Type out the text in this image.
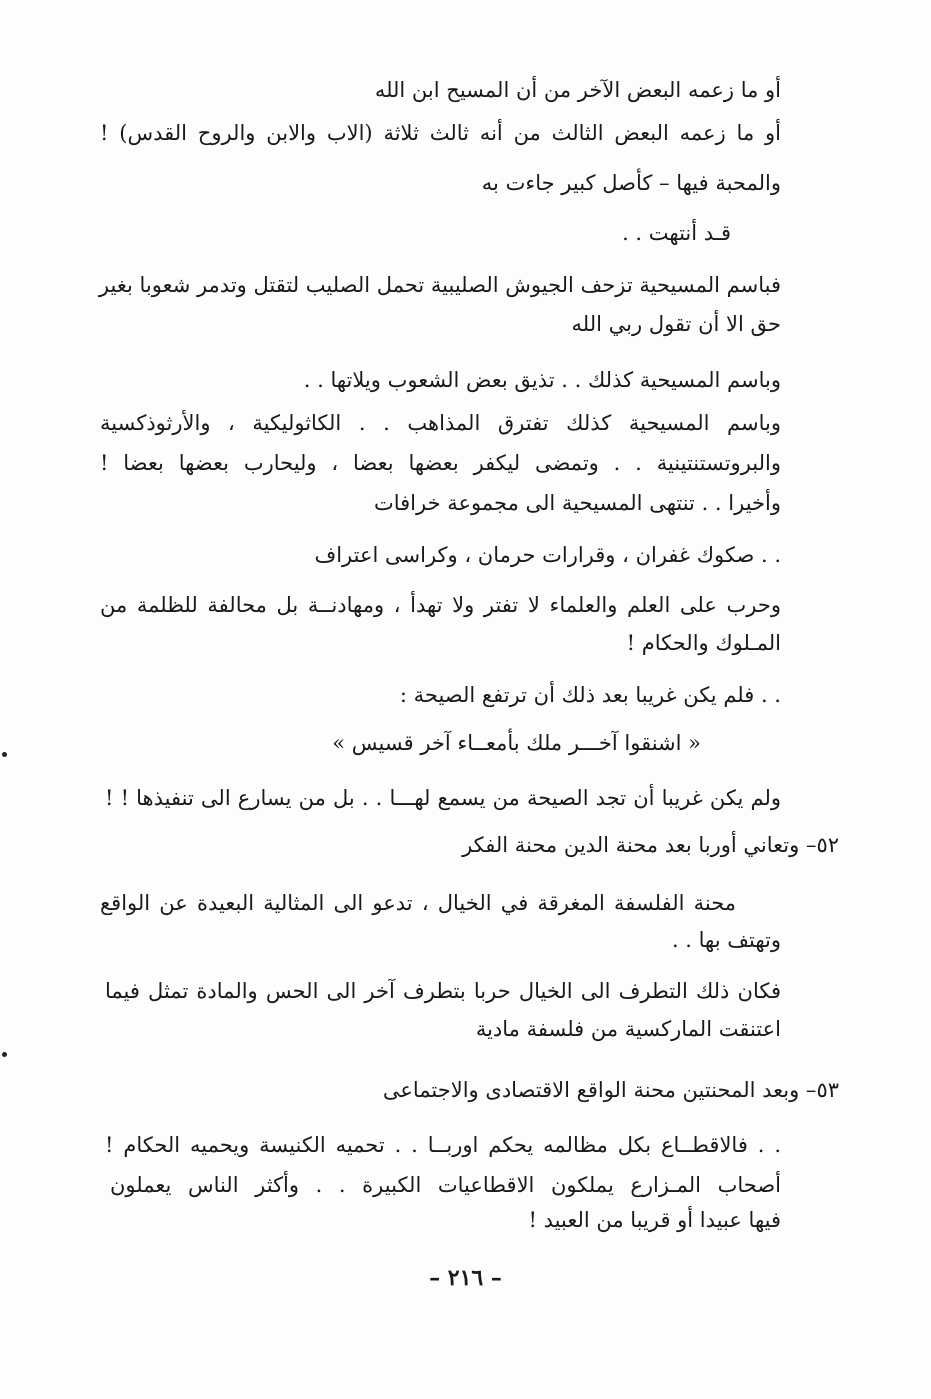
أو ما زعمه البعض الآخر من أن المسيح ابن الله
أو ما زعمه البعض الثالث من أنه ثالث ثلاثة (الاب والابن والروح القدس) !
والمحبة فيها – كأصل كبير جاءت به
قـد أنتهت . .
فباسم المسيحية تزحف الجيوش الصليبية تحمل الصليب لتقتل وتدمر شعوبا بغير
حق الا أن تقول ربي الله
وباسم المسيحية كذلك . . تذيق بعض الشعوب ويلاتها . .
وباسم المسيحية كذلك تفترق المذاهب . . الكاثوليكية ، والأرثوذكسية
والبروتستنتينية . . وتمضى ليكفر بعضها بعضا ، وليحارب بعضها بعضا !
وأخيرا . . تنتهى المسيحية الى مجموعة خرافات
. . صكوك غفران ، وقرارات حرمان ، وكراسى اعتراف
وحرب على العلم والعلماء لا تفتر ولا تهدأ ، ومهادنــة بل محالفة للظلمة من
المـلوك والحكام !
. . فلم يكن غريبا بعد ذلك أن ترتفع الصيحة :
« اشنقوا آخـــر ملك بأمعــاء آخر قسيس »
ولم يكن غريبا أن تجد الصيحة من يسمع لهـــا . . بل من يسارع الى تنفيذها ! !
٥٢– وتعاني أوربا بعد محنة الدين محنة الفكر
محنة الفلسفة المغرقة في الخيال ، تدعو الى المثالية البعيدة عن الواقع
وتهتف بها . .
فكان ذلك التطرف الى الخيال حربا بتطرف آخر الى الحس والمادة تمثل فيما
اعتنقت الماركسية من فلسفة مادية
٥٣– وبعد المحنتين محنة الواقع الاقتصادى والاجتماعى
. . فالاقطــاع بكل مظالمه يحكم اوربــا . . تحميه الكنيسة ويحميه الحكام !
أصحاب المـزارع يملكون الاقطاعيات الكبيرة . . وأكثر الناس يعملون
فيها عبيدا أو قريبا من العبيد !
– ٢١٦ –
